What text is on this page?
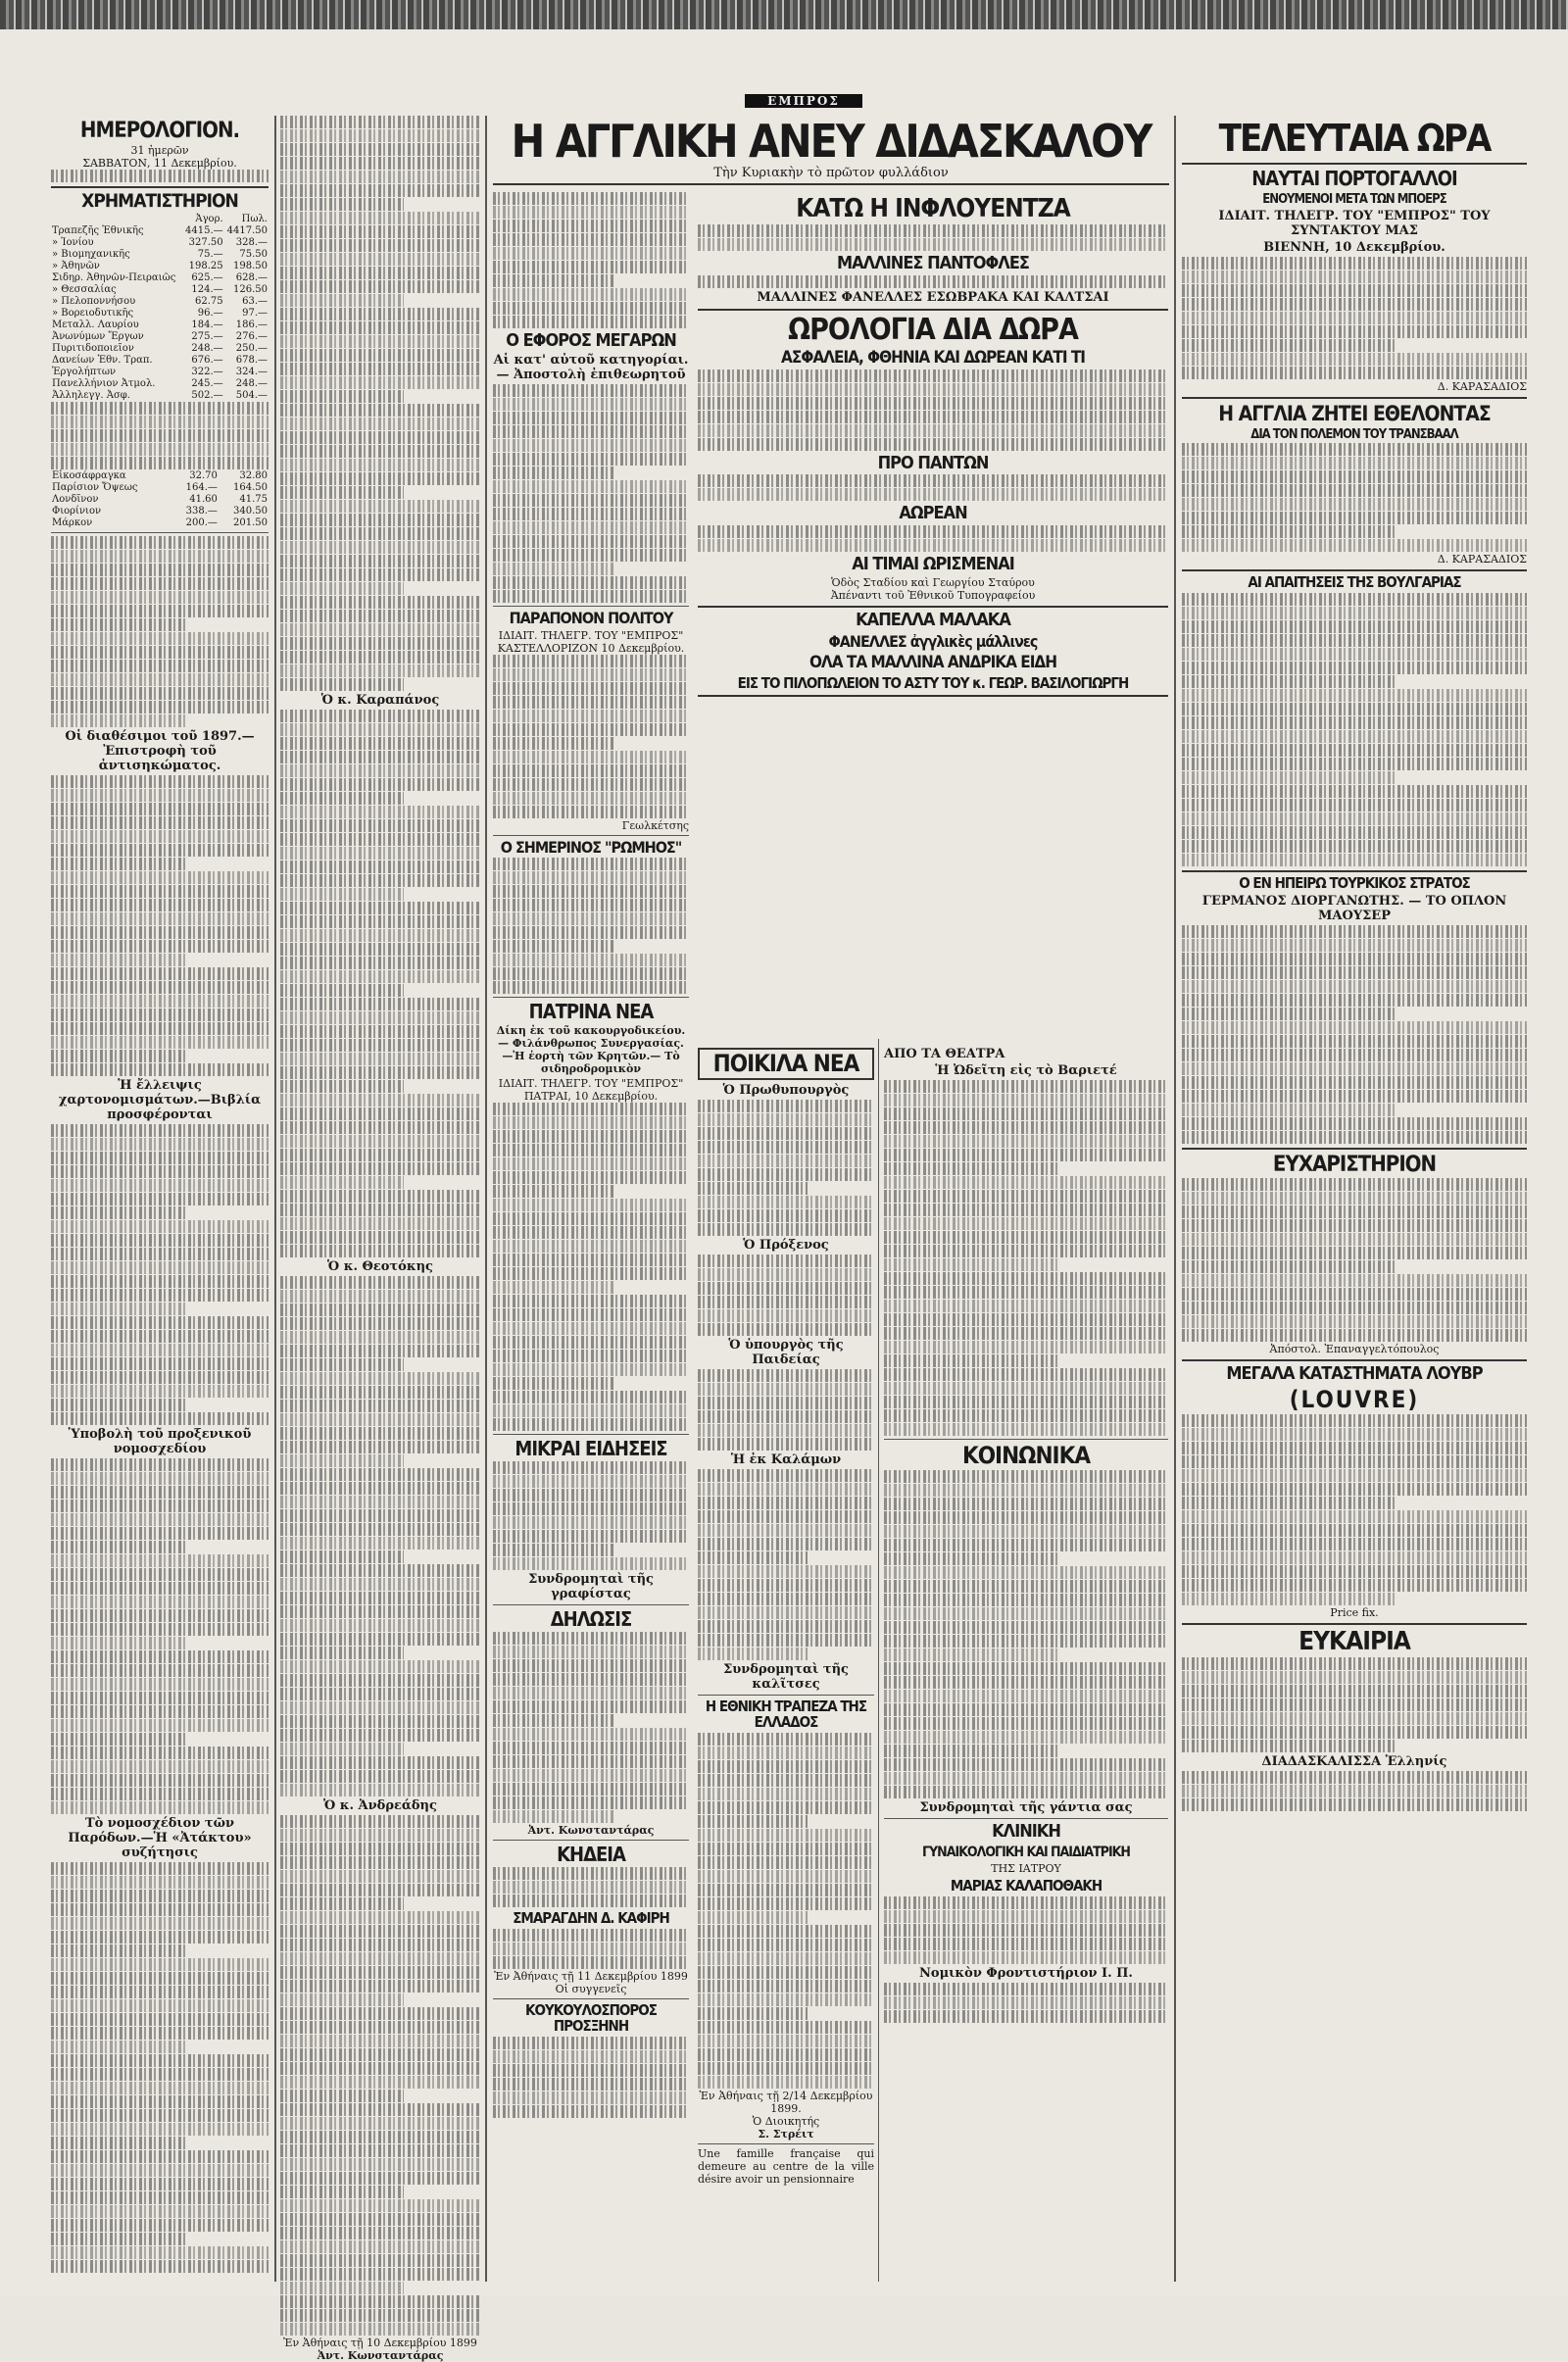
ΕΜΠΡΟΣ
ΗΜΕΡΟΛΟΓΙΟΝ.
31 ἡμερῶν
ΣΑΒΒΑΤΟΝ, 11 Δεκεμβρίου.
ΧΡΗΜΑΤΙΣΤΗΡΙΟΝ
	Ἀγορ.	Πωλ.
Τραπεζῆς Ἐθνικῆς	4415.—	4417.50
» Ἰονίου	327.50	328.—
» Βιομηχανικῆς	75.—	75.50
» Ἀθηνῶν	198.25	198.50
Σιδηρ. Ἀθηνῶν-Πειραιῶς	625.—	628.—
» Θεσσαλίας	124.—	126.50
» Πελοποννήσου	62.75	63.—
» Βορειοδυτικῆς	96.—	97.—
Μεταλλ. Λαυρίου	184.—	186.—
Ἀνωνύμων Ἔργων	275.—	276.—
Πυριτιδοποιεῖον	248.—	250.—
Δανείων Ἐθν. Τραπ.	676.—	678.—
Ἐργολήπτων	322.—	324.—
Πανελλήνιον Ἀτμολ.	245.—	248.—
Ἀλληλεγγ. Ἀσφ.	502.—	504.—
Εἰκοσάφραγκα	32.70	32.80
Παρίσιον Ὄψεως	164.—	164.50
Λονδῖνον	41.60	41.75
Φιορίνιον	338.—	340.50
Μάρκον	200.—	201.50
Οἱ διαθέσιμοι τοῦ 1897.—Ἐπιστροφὴ τοῦ ἀντισηκώματος.
Ἡ ἔλλειψις χαρτονομισμάτων.—Βιβλία προσφέρονται
Ὑποβολὴ τοῦ προξενικοῦ νομοσχεδίου
Τὸ νομοσχέδιον τῶν Παρόδων.—Ἡ «Ἀτάκτου» συζήτησις
Ὁ κ. Καραπάνος
Ὁ κ. Θεοτόκης
Ὁ κ. Ἀνδρεάδης
Ἐν Ἀθήναις τῇ 10 Δεκεμβρίου 1899
Ἀντ. Κωνσταντάρας
Η ΑΓΓΛΙΚΗ ΑΝΕΥ ΔΙΔΑΣΚΑΛΟΥ
Τὴν Κυριακὴν τὸ πρῶτον φυλλάδιον
Ο ΕΦΟΡΟΣ ΜΕΓΑΡΩΝ
Αἱ κατ' αὐτοῦ κατηγορίαι.— Ἀποστολὴ ἐπιθεωρητοῦ
ΠΑΡΑΠΟΝΟΝ ΠΟΛΙΤΟΥ
ΙΔΙΑΙΤ. ΤΗΛΕΓΡ. ΤΟΥ "ΕΜΠΡΟΣ"
ΚΑΣΤΕΛΛΟΡΙΖΟΝ 10 Δεκεμβρίου.
Γεωλκέτσης
Ο ΣΗΜΕΡΙΝΟΣ "ΡΩΜΗΟΣ"
ΠΑΤΡΙΝΑ ΝΕΑ
Δίκη ἐκ τοῦ κακουργοδικείου.— Φιλάνθρωπος Συνεργασίας.—Ἡ ἑορτὴ τῶν Κρητῶν.— Τὸ σιδηροδρομικὸν
ΙΔΙΑΙΤ. ΤΗΛΕΓΡ. ΤΟΥ "ΕΜΠΡΟΣ"
ΠΑΤΡΑΙ, 10 Δεκεμβρίου.
ΜΙΚΡΑΙ ΕΙΔΗΣΕΙΣ
Συνδρομηταὶ τῆς γραφίστας
ΔΗΛΩΣΙΣ
Ἀντ. Κωνσταντάρας
ΚΗΔΕΙΑ
ΣΜΑΡΑΓΔΗΝ Δ. ΚΑΦΙΡΗ
Ἐν Ἀθήναις τῇ 11 Δεκεμβρίου 1899
Οἱ συγγενεῖς
ΚΟΥΚΟΥΛΟΣΠΟΡΟΣ ΠΡΟΣΞΗΝΗ
ΚΑΤΩ Η ΙΝΦΛΟΥΕΝΤΖΑ
ΜΑΛΛΙΝΕΣ ΠΑΝΤΟΦΛΕΣ
ΜΑΛΛΙΝΕΣ ΦΑΝΕΛΛΕΣ ΕΣΩΒΡΑΚΑ ΚΑΙ ΚΑΛΤΣΑΙ
ΩΡΟΛΟΓΙΑ ΔΙΑ ΔΩΡΑ
ΑΣΦΑΛΕΙΑ, ΦΘΗΝΙΑ ΚΑΙ ΔΩΡΕΑΝ ΚΑΤΙ ΤΙ
ΠΡΟ ΠΑΝΤΩΝ
ΑΩΡΕΑΝ
ΑΙ ΤΙΜΑΙ ΩΡΙΣΜΕΝΑΙ
Ὁδὸς Σταδίου καὶ Γεωργίου Σταύρου
Ἀπέναντι τοῦ Ἐθνικοῦ Τυπογραφείου
ΚΑΠΕΛΛΑ ΜΑΛΑΚΑ
ΦΑΝΕΛΛΕΣ ἀγγλικὲς μάλλινες
ΟΛΑ ΤΑ ΜΑΛΛΙΝΑ ΑΝΔΡΙΚΑ ΕΙΔΗ
ΕΙΣ ΤΟ ΠΙΛΟΠΩΛΕΙΟΝ ΤΟ ΑΣΤΥ ΤΟΥ κ. ΓΕΩΡ. ΒΑΣΙΛΟΓΙΩΡΓΗ
ΠΟΙΚΙΛΑ ΝΕΑ
Ὁ Πρωθυπουργὸς
Ὁ Πρόξενος
Ὁ ὑπουργὸς τῆς Παιδείας
Ἡ ἐκ Καλάμων
Συνδρομηταὶ τῆς καλῖτσες
Η ΕΘΝΙΚΗ ΤΡΑΠΕΖΑ ΤΗΣ ΕΛΛΑΔΟΣ
Ἐν Ἀθήναις τῇ 2/14 Δεκεμβρίου 1899.
Ὁ Διοικητής
Σ. Στρέιτ
Une famille française qui demeure au centre de la ville désire avoir un pensionnaire
ΑΠΟ ΤΑ ΘΕΑΤΡΑ
Ἡ Ὠδεῖτη εἰς τὸ Βαριετέ
ΚΟΙΝΩΝΙΚΑ
Συνδρομηταὶ τῆς γάντια σας
ΚΛΙΝΙΚΗ
ΓΥΝΑΙΚΟΛΟΓΙΚΗ ΚΑΙ ΠΑΙΔΙΑΤΡΙΚΗ
ΤΗΣ ΙΑΤΡΟΥ
ΜΑΡΙΑΣ ΚΑΛΑΠΟΘΑΚΗ
Νομικὸν Φροντιστήριον Ι. Π.
ΤΕΛΕΥΤΑΙΑ ΩΡΑ
ΝΑΥΤΑΙ ΠΟΡΤΟΓΑΛΛΟΙ
ΕΝΟΥΜΕΝΟΙ ΜΕΤΑ ΤΩΝ ΜΠΟΕΡΣ
ΙΔΙΑΙΤ. ΤΗΛΕΓΡ. ΤΟΥ "ΕΜΠΡΟΣ" ΤΟΥ ΣΥΝΤΑΚΤΟΥ ΜΑΣ
ΒΙΕΝΝΗ, 10 Δεκεμβρίου.
Δ. ΚΑΡΑΣΑΔΙΟΣ
Η ΑΓΓΛΙΑ ΖΗΤΕΙ ΕΘΕΛΟΝΤΑΣ
ΔΙΑ ΤΟΝ ΠΟΛΕΜΟΝ ΤΟΥ ΤΡΑΝΣΒΑΑΛ
Δ. ΚΑΡΑΣΑΔΙΟΣ
ΑΙ ΑΠΑΙΤΗΣΕΙΣ ΤΗΣ ΒΟΥΛΓΑΡΙΑΣ
Ο ΕΝ ΗΠΕΙΡΩ ΤΟΥΡΚΙΚΟΣ ΣΤΡΑΤΟΣ
ΓΕΡΜΑΝΟΣ ΔΙΟΡΓΑΝΩΤΗΣ. — ΤΟ ΟΠΛΟΝ ΜΑΟΥΣΕΡ
ΕΥΧΑΡΙΣΤΗΡΙΟΝ
Ἀπόστολ. Ἐπαναγγελτόπουλος
ΜΕΓΑΛΑ ΚΑΤΑΣΤΗΜΑΤΑ ΛΟΥΒΡ
(LOUVRE)
Price fix.
ΕΥΚΑΙΡΙΑ
ΔΙΑΔΑΣΚΑΛΙΣΣΑ Ἑλληνίς
